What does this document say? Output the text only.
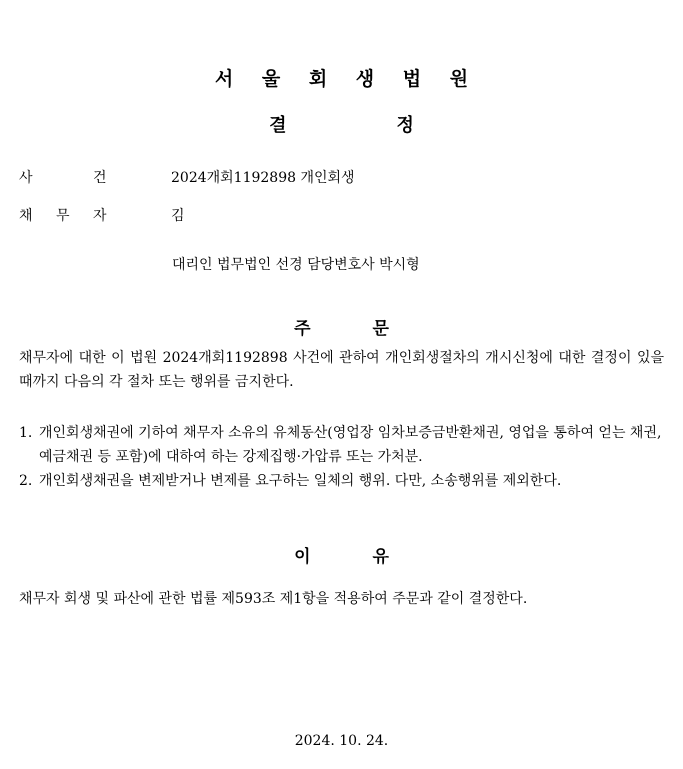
서 울 회 생 법 원
결	정
사	건	2024개회1192898 개인회생
채 무 자	김
대리인 법무법인 선경 담당변호사 박시형
주	문
채무자에 대한 이 법원 2024개회1192898 사건에 관하여 개인회생절차의 개시신청에 대한 결정이 있을 때까지 다음의 각 절차 또는 행위를 금지한다.
1. 개인회생채권에 기하여 채무자 소유의 유체동산(영업장 임차보증금반환채권, 영업을 통하여 얻는 채권, 예금채권 등 포함)에 대하여 하는 강제집행·가압류 또는 가처분.
2. 개인회생채권을 변제받거나 변제를 요구하는 일체의 행위. 다만, 소송행위를 제외한다.
이	유
채무자 회생 및 파산에 관한 법률 제593조 제1항을 적용하여 주문과 같이 결정한다.
2024. 10. 24.
